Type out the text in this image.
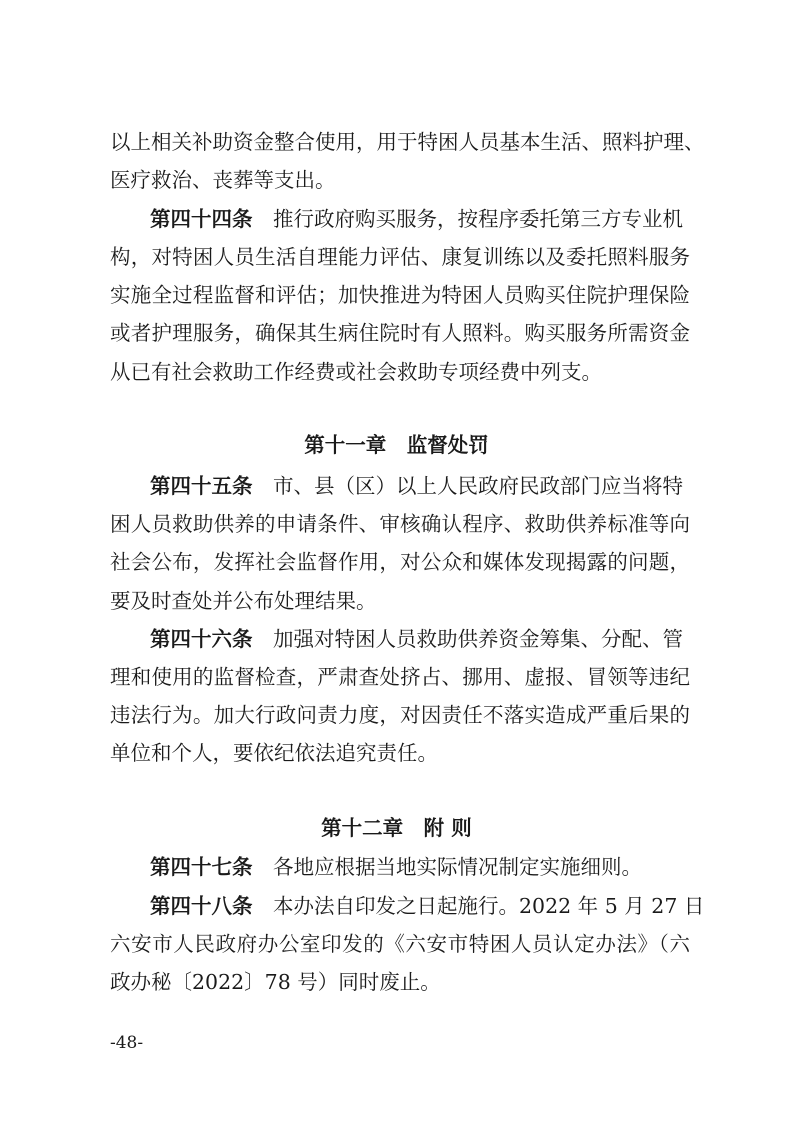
以上相关补助资金整合使用，用于特困人员基本生活、照料护理、
医疗救治、丧葬等支出。
第四十四条　 推行政府购买服务，按程序委托第三方专业机
构，对特困人员生活自理能力评估、康复训练以及委托照料服务
实施全过程监督和评估；加快推进为特困人员购买住院护理保险
或者护理服务，确保其生病住院时有人照料。购买服务所需资金
从已有社会救助工作经费或社会救助专项经费中列支。
第十一章　监督处罚
第四十五条　 市、县（区）以上人民政府民政部门应当将特
困人员救助供养的申请条件、审核确认程序、救助供养标准等向
社会公布，发挥社会监督作用，对公众和媒体发现揭露的问题，
要及时查处并公布处理结果。
第四十六条　 加强对特困人员救助供养资金筹集、分配、管
理和使用的监督检查，严肃查处挤占、挪用、虚报、冒领等违纪
违法行为。加大行政问责力度，对因责任不落实造成严重后果的
单位和个人，要依纪依法追究责任。
第十二章　附 则
第四十七条　 各地应根据当地实际情况制定实施细则。
第四十八条　 本办法自印发之日起施行。2022 年 5 月 27 日
六安市人民政府办公室印发的《六安市特困人员认定办法》（六
政办秘〔2022〕78 号）同时废止。
-48-
